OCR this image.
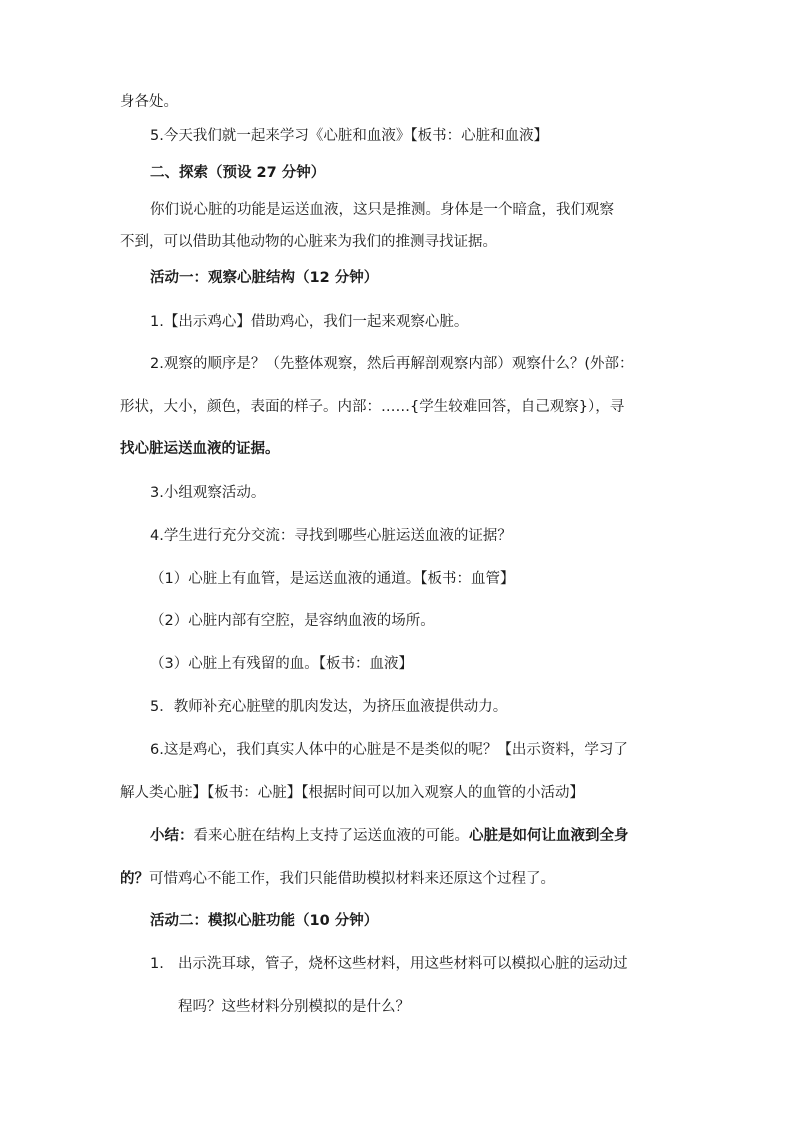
身各处。
5.今天我们就一起来学习《心脏和血液》【板书：心脏和血液】
二、探索（预设 27 分钟）
你们说心脏的功能是运送血液，这只是推测。身体是一个暗盒，我们观察
不到，可以借助其他动物的心脏来为我们的推测寻找证据。
活动一：观察心脏结构（12 分钟）
1.【出示鸡心】借助鸡心，我们一起来观察心脏。
2.观察的顺序是？（先整体观察，然后再解剖观察内部）观察什么？(外部：
形状，大小，颜色，表面的样子。内部：……{学生较难回答，自己观察}），寻
找心脏运送血液的证据。
3.小组观察活动。
4.学生进行充分交流：寻找到哪些心脏运送血液的证据？
（1）心脏上有血管，是运送血液的通道。【板书：血管】
（2）心脏内部有空腔，是容纳血液的场所。
（3）心脏上有残留的血。【板书：血液】
5．教师补充心脏壁的肌肉发达，为挤压血液提供动力。
6.这是鸡心，我们真实人体中的心脏是不是类似的呢？【出示资料，学习了
解人类心脏】【板书：心脏】【根据时间可以加入观察人的血管的小活动】
小结：看来心脏在结构上支持了运送血液的可能。心脏是如何让血液到全身
的？可惜鸡心不能工作，我们只能借助模拟材料来还原这个过程了。
活动二：模拟心脏功能（10 分钟）
1. 出示洗耳球，管子，烧杯这些材料，用这些材料可以模拟心脏的运动过
程吗？这些材料分别模拟的是什么？
